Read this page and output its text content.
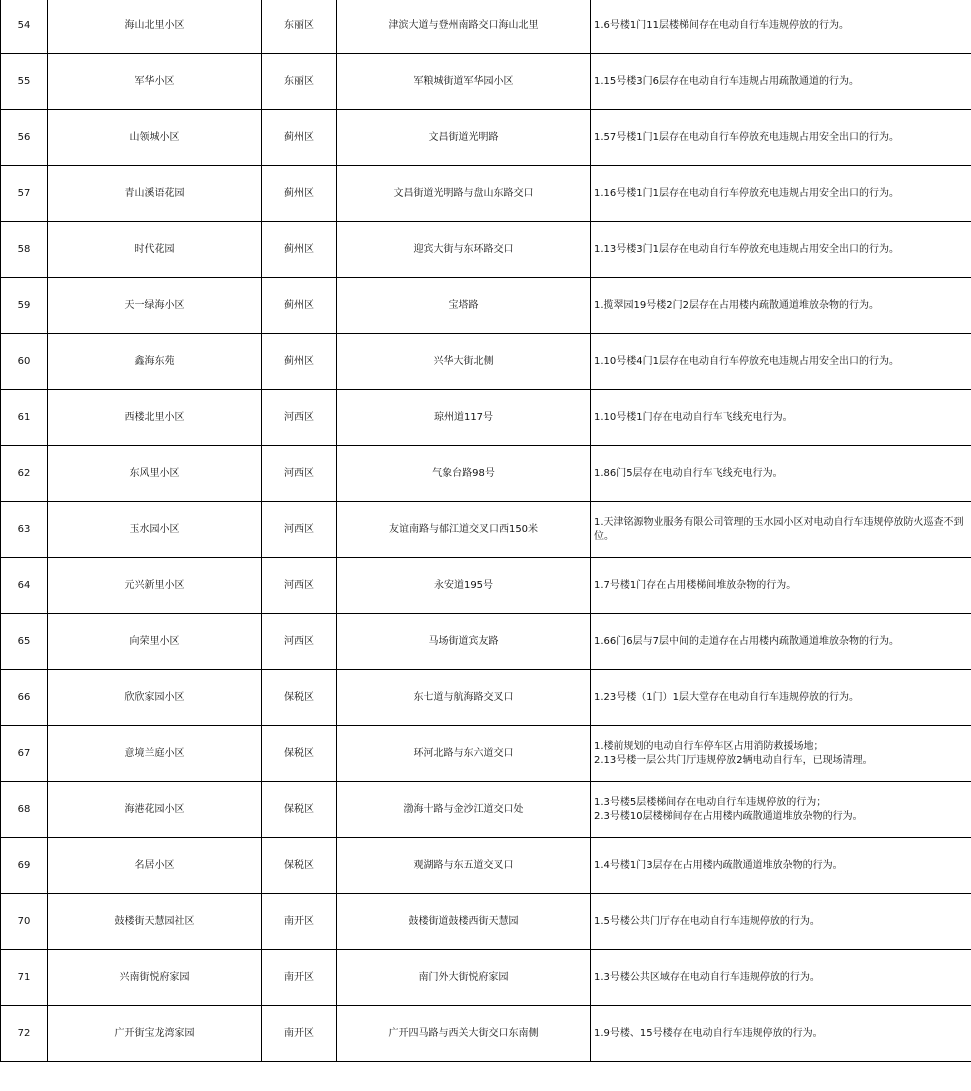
54	海山北里小区	东丽区	津滨大道与登州南路交口海山北里	1.6号楼1门11层楼梯间存在电动自行车违规停放的行为。

55	军华小区	东丽区	军粮城街道军华园小区	1.15号楼3门6层存在电动自行车违规占用疏散通道的行为。

56	山领城小区	蓟州区	文昌街道光明路	1.57号楼1门1层存在电动自行车停放充电违规占用安全出口的行为。

57	青山溪语花园	蓟州区	文昌街道光明路与盘山东路交口	1.16号楼1门1层存在电动自行车停放充电违规占用安全出口的行为。

58	时代花园	蓟州区	迎宾大街与东环路交口	1.13号楼3门1层存在电动自行车停放充电违规占用安全出口的行为。

59	天一绿海小区	蓟州区	宝塔路	1.揽翠园19号楼2门2层存在占用楼内疏散通道堆放杂物的行为。

60	鑫海东苑	蓟州区	兴华大街北侧	1.10号楼4门1层存在电动自行车停放充电违规占用安全出口的行为。

61	西楼北里小区	河西区	琼州道117号	1.10号楼1门存在电动自行车飞线充电行为。

62	东风里小区	河西区	气象台路98号	1.86门5层存在电动自行车飞线充电行为。

63	玉水园小区	河西区	友谊南路与郁江道交叉口西150米	1.天津铭源物业服务有限公司管理的玉水园小区对电动自行车违规停放防火巡查不到位。

64	元兴新里小区	河西区	永安道195号	1.7号楼1门存在占用楼梯间堆放杂物的行为。

65	向荣里小区	河西区	马场街道宾友路	1.66门6层与7层中间的走道存在占用楼内疏散通道堆放杂物的行为。

66	欣欣家园小区	保税区	东七道与航海路交叉口	1.23号楼（1门）1层大堂存在电动自行车违规停放的行为。

67	意境兰庭小区	保税区	环河北路与东六道交口	1.楼前规划的电动自行车停车区占用消防救援场地；
2.13号楼一层公共门厅违规停放2辆电动自行车，已现场清理。

68	海港花园小区	保税区	渤海十路与金沙江道交口处	1.3号楼5层楼梯间存在电动自行车违规停放的行为；
2.3号楼10层楼梯间存在占用楼内疏散通道堆放杂物的行为。

69	名居小区	保税区	观湖路与东五道交叉口	1.4号楼1门3层存在占用楼内疏散通道堆放杂物的行为。

70	鼓楼街天慧园社区	南开区	鼓楼街道鼓楼西街天慧园	1.5号楼公共门厅存在电动自行车违规停放的行为。

71	兴南街悦府家园	南开区	南门外大街悦府家园	1.3号楼公共区域存在电动自行车违规停放的行为。

72	广开街宝龙湾家园	南开区	广开四马路与西关大街交口东南侧	1.9号楼、15号楼存在电动自行车违规停放的行为。
